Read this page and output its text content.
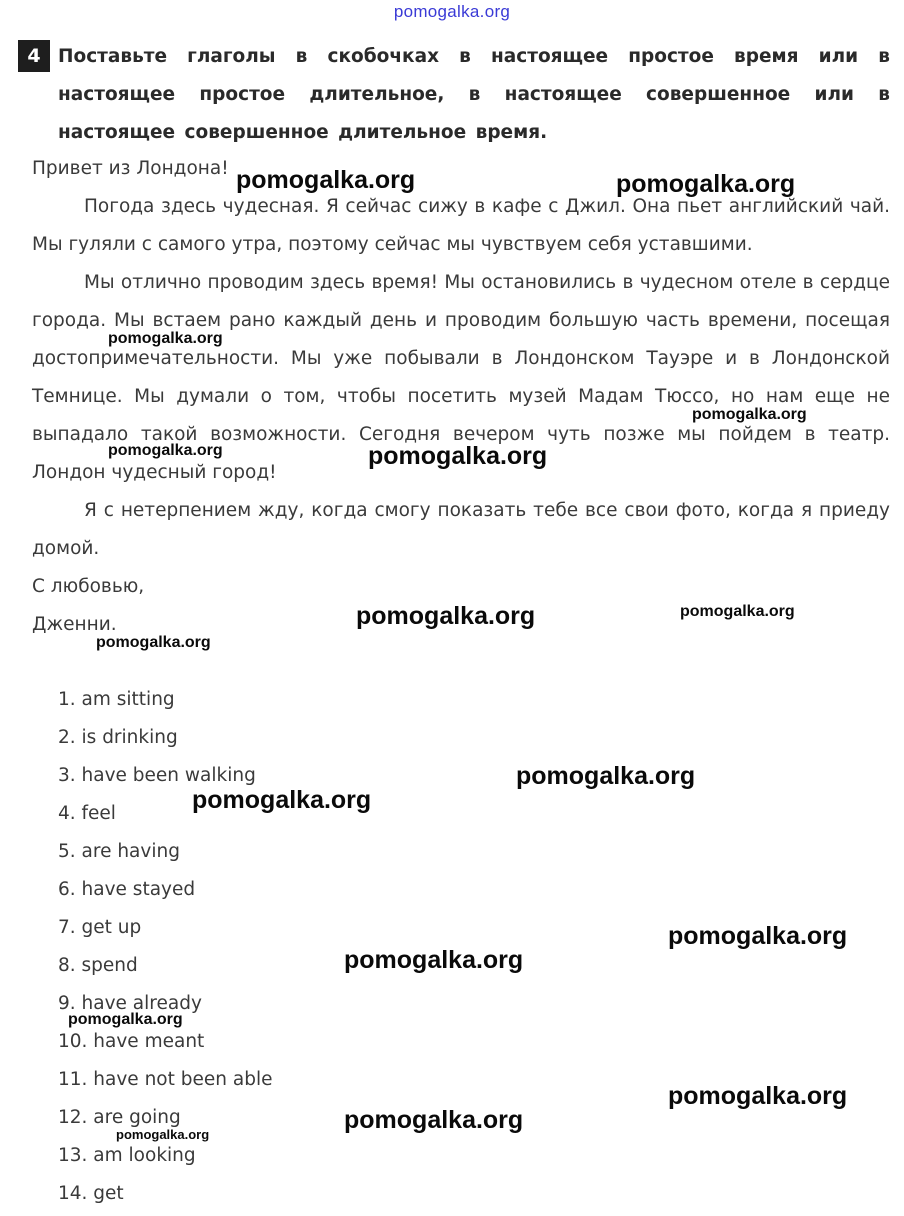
pomogalka.org
4 Поставьте глаголы в скобочках в настоящее простое время или в настоящее простое длительное, в настоящее совершенное или в настоящее совершенное длительное время.

Привет из Лондона!

Погода здесь чудесная. Я сейчас сижу в кафе с Джил. Она пьет английский чай. Мы гуляли с самого утра, поэтому сейчас мы чувствуем себя уставшими.

Мы отлично проводим здесь время! Мы остановились в чудесном отеле в сердце города. Мы встаем рано каждый день и проводим большую часть времени, посещая достопримечательности. Мы уже побывали в Лондонском Тауэре и в Лондонской Темнице. Мы думали о том, чтобы посетить музей Мадам Тюссо, но нам еще не выпадало такой возможности. Сегодня вечером чуть позже мы пойдем в театр. Лондон чудесный город!

Я с нетерпением жду, когда смогу показать тебе все свои фото, когда я приеду домой.

С любовью,

Дженни.

1. am sitting
2. is drinking
3. have been walking
4. feel
5. are having
6. have stayed
7. get up
8. spend
9. have already
10. have meant
11. have not been able
12. are going
13. am looking
14. get
pomogalka.org	pomogalka.org
pomogalka.org
pomogalka.org
pomogalka.org	pomogalka.org
pomogalka.org	pomogalka.org
pomogalka.org
pomogalka.org
pomogalka.org
pomogalka.org
pomogalka.org
pomogalka.org
pomogalka.org
pomogalka.org
pomogalka.org
